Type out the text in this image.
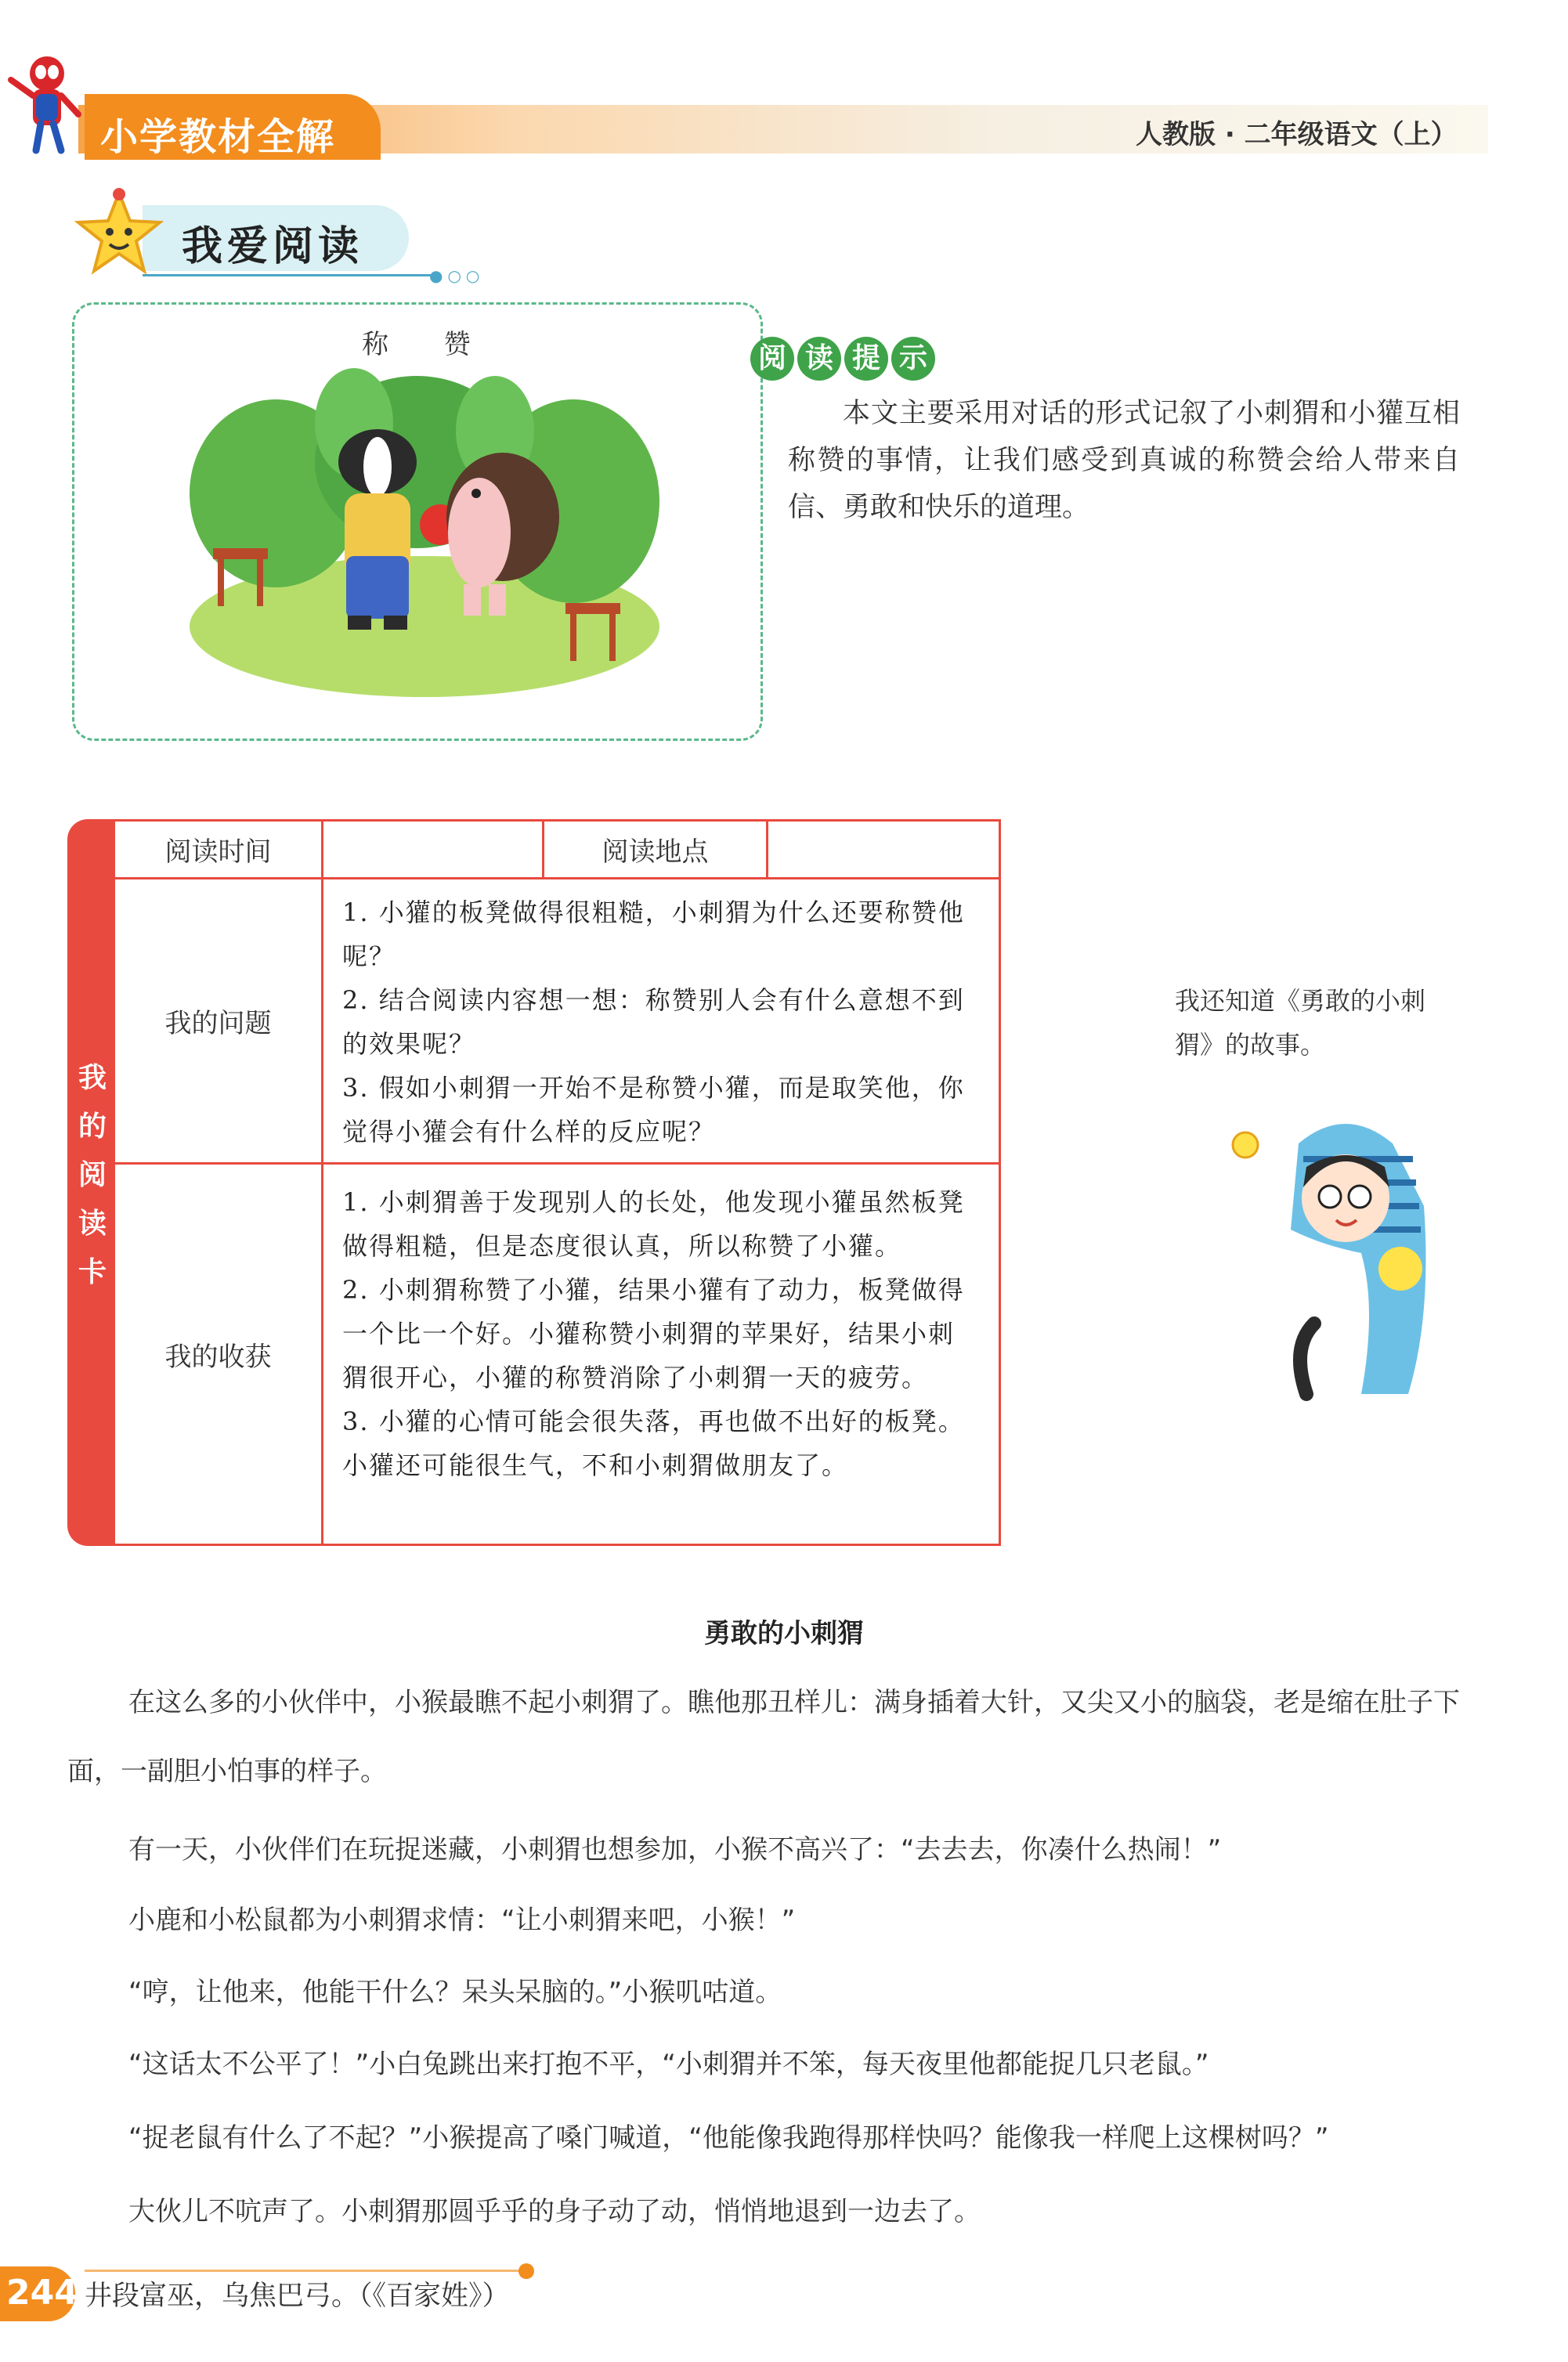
小学教材全解	人教版 · 二年级语文（上）
我爱阅读
●○○
称 赞	阅 读 提 示
本文主要采用对话的形式记叙了小刺猬和小獾互相称赞的事情，让我们感受到真诚的称赞会给人带来自信、勇敢和快乐的道理。
我的阅读卡
阅读时间	阅读地点
我的问题
1. 小獾的板凳做得很粗糙，小刺猬为什么还要称赞他呢？
2. 结合阅读内容想一想：称赞别人会有什么意想不到的效果呢？
3. 假如小刺猬一开始不是称赞小獾，而是取笑他，你觉得小獾会有什么样的反应呢？
我的收获
1. 小刺猬善于发现别人的长处，他发现小獾虽然板凳做得粗糙，但是态度很认真，所以称赞了小獾。
2. 小刺猬称赞了小獾，结果小獾有了动力，板凳做得一个比一个好。小獾称赞小刺猬的苹果好，结果小刺猬很开心，小獾的称赞消除了小刺猬一天的疲劳。
3. 小獾的心情可能会很失落，再也做不出好的板凳。小獾还可能很生气，不和小刺猬做朋友了。
我还知道《勇敢的小刺猬》的故事。
勇敢的小刺猬
在这么多的小伙伴中，小猴最瞧不起小刺猬了。瞧他那丑样儿：满身插着大针，又尖又小的脑袋，老是缩在肚子下面，一副胆小怕事的样子。
有一天，小伙伴们在玩捉迷藏，小刺猬也想参加，小猴不高兴了：“去去去，你凑什么热闹！”
小鹿和小松鼠都为小刺猬求情：“让小刺猬来吧，小猴！”
“哼，让他来，他能干什么？呆头呆脑的。”小猴叽咕道。
“这话太不公平了！”小白兔跳出来打抱不平，“小刺猬并不笨，每天夜里他都能捉几只老鼠。”
“捉老鼠有什么了不起？”小猴提高了嗓门喊道，“他能像我跑得那样快吗？能像我一样爬上这棵树吗？”
大伙儿不吭声了。小刺猬那圆乎乎的身子动了动，悄悄地退到一边去了。
244 井段富巫，乌焦巴弓。（《百家姓》）
